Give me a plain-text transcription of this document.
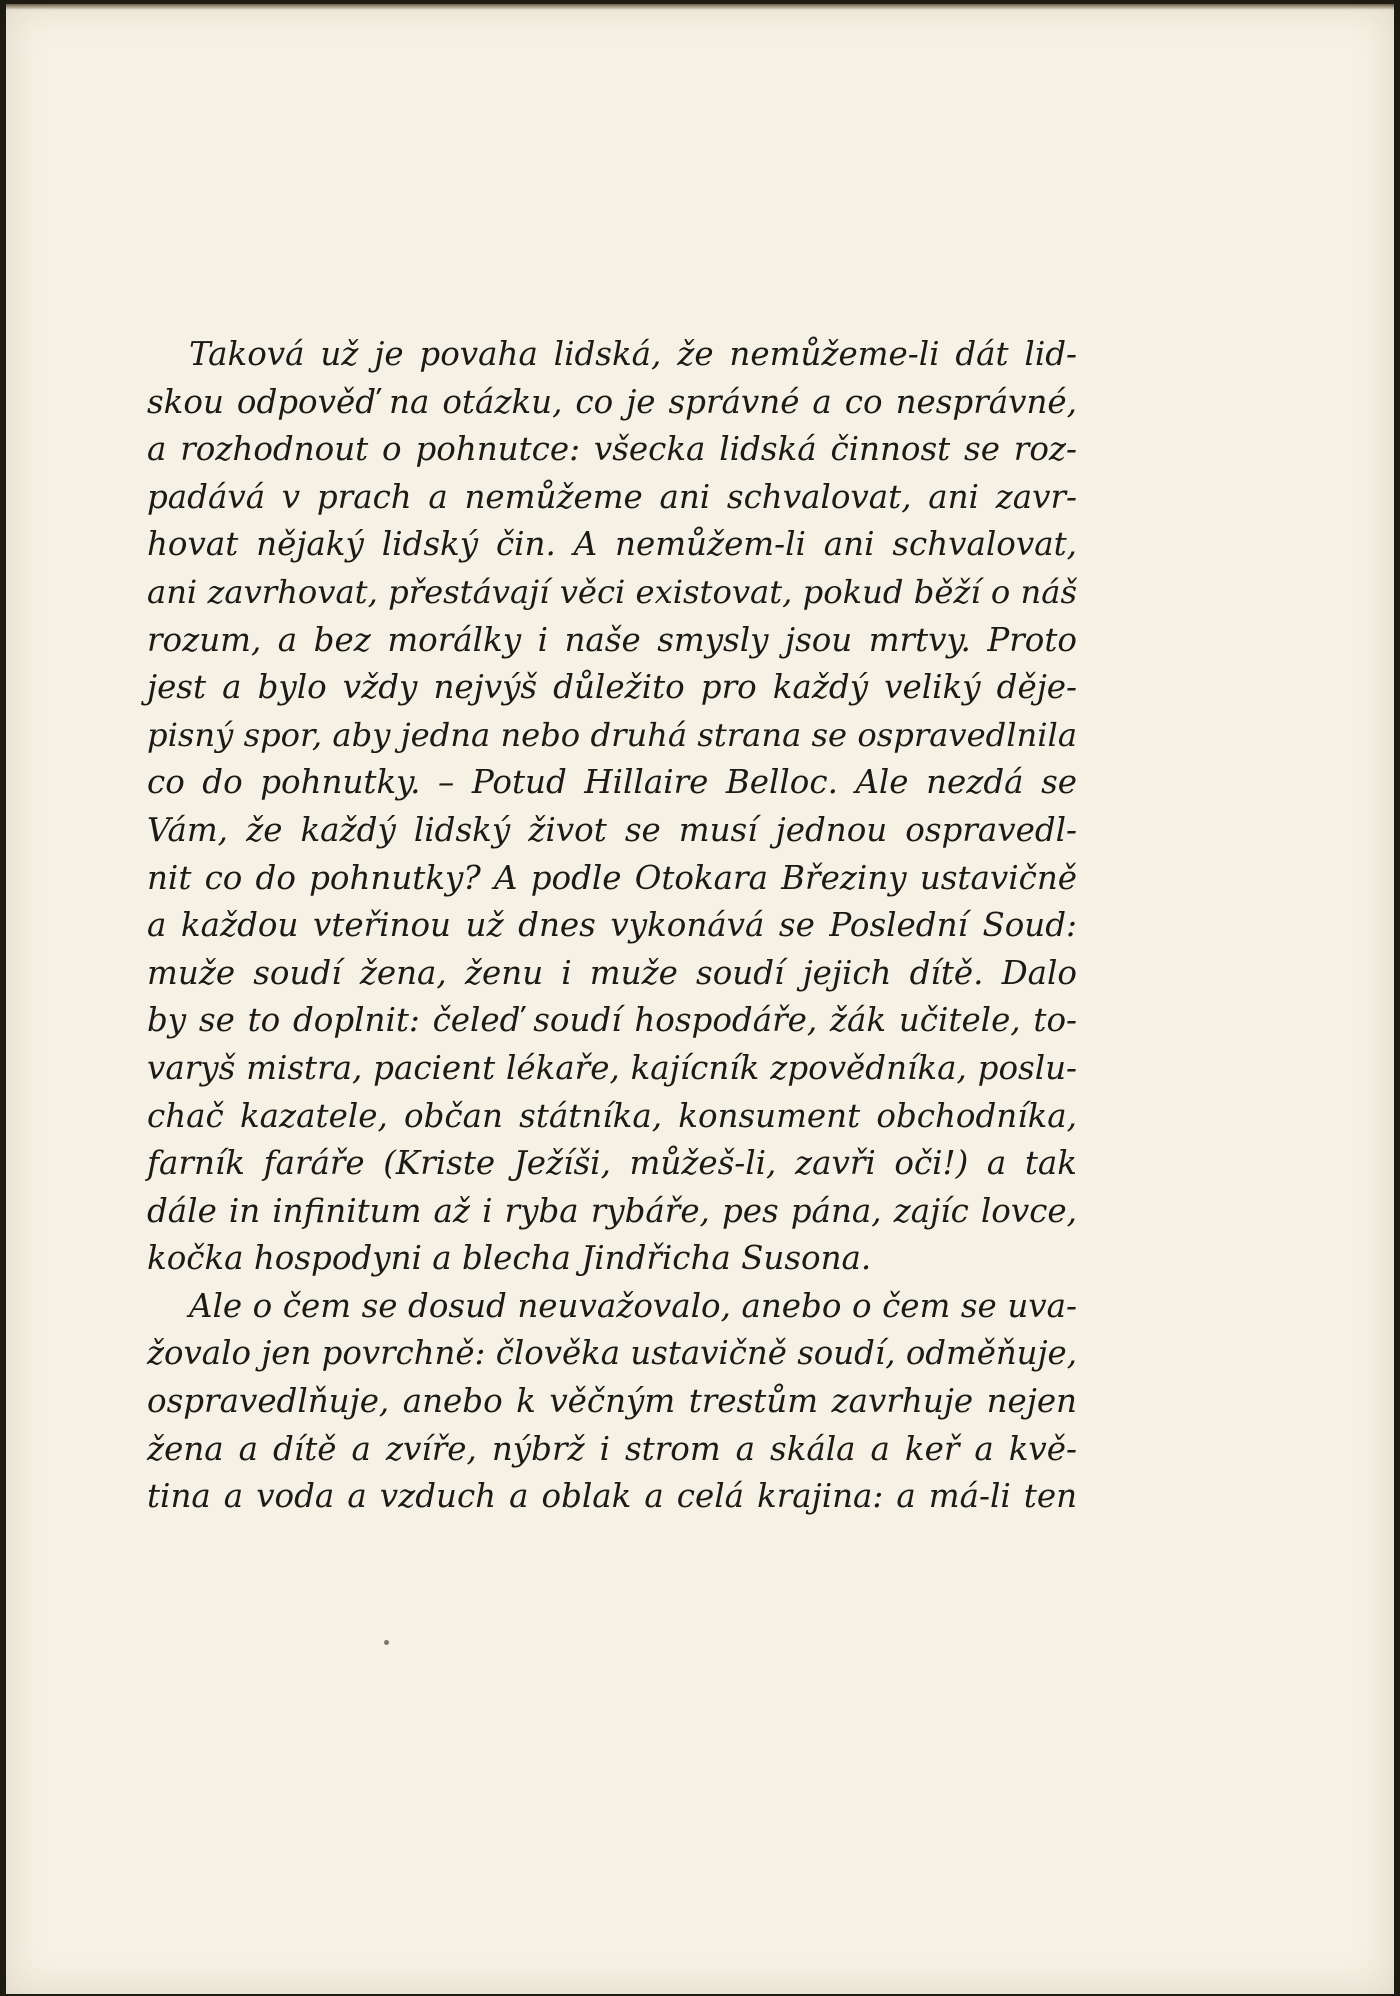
Taková už je povaha lidská, že nemůžeme-li dát lid-
skou odpověď na otázku, co je správné a co nesprávné,
a rozhodnout o pohnutce: všecka lidská činnost se roz-
padává v prach a nemůžeme ani schvalovat, ani zavr-
hovat nějaký lidský čin. A nemůžem-li ani schvalovat,
ani zavrhovat, přestávají věci existovat, pokud běží o náš
rozum, a bez morálky i naše smysly jsou mrtvy. Proto
jest a bylo vždy nejvýš důležito pro každý veliký děje-
pisný spor, aby jedna nebo druhá strana se ospravedlnila
co do pohnutky. – Potud Hillaire Belloc. Ale nezdá se
Vám, že každý lidský život se musí jednou ospravedl-
nit co do pohnutky? A podle Otokara Březiny ustavičně
a každou vteřinou už dnes vykonává se Poslední Soud:
muže soudí žena, ženu i muže soudí jejich dítě. Dalo
by se to doplnit: čeleď soudí hospodáře, žák učitele, to-
varyš mistra, pacient lékaře, kajícník zpovědníka, poslu-
chač kazatele, občan státníka, konsument obchodníka,
farník faráře (Kriste Ježíši, můžeš-li, zavři oči!) a tak
dále in infinitum až i ryba rybáře, pes pána, zajíc lovce,
kočka hospodyni a blecha Jindřicha Susona.
Ale o čem se dosud neuvažovalo, anebo o čem se uva-
žovalo jen povrchně: člověka ustavičně soudí, odměňuje,
ospravedlňuje, anebo k věčným trestům zavrhuje nejen
žena a dítě a zvíře, nýbrž i strom a skála a keř a kvě-
tina a voda a vzduch a oblak a celá krajina: a má-li ten
